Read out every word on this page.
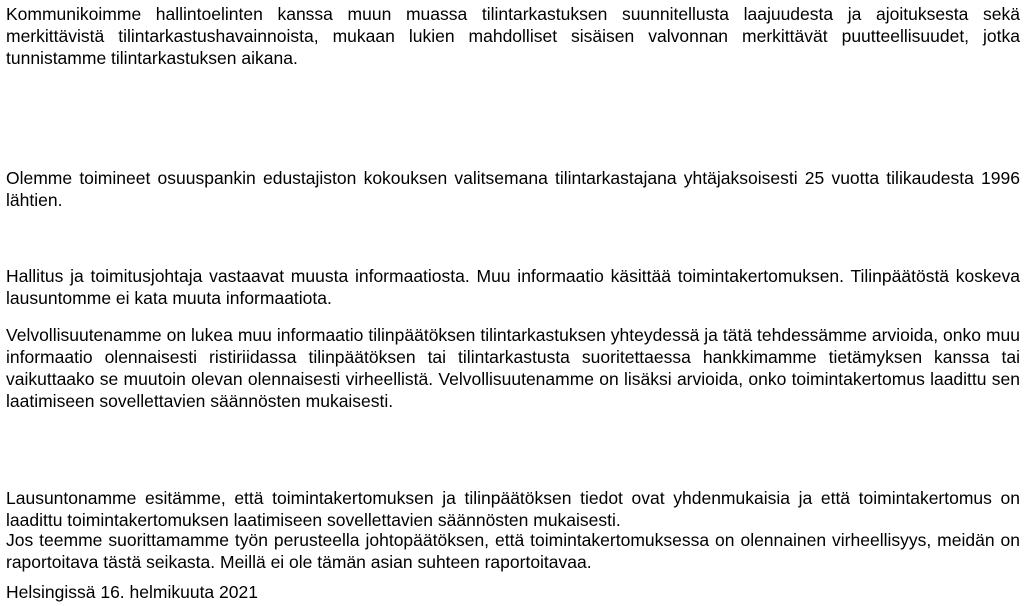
Kommunikoimme hallintoelinten kanssa muun muassa tilintarkastuksen suunnitellusta laajuudesta ja ajoituksesta sekä merkittävistä tilintarkastushavainnoista, mukaan lukien mahdolliset sisäisen valvonnan merkittävät puutteellisuudet, jotka tunnistamme tilintarkastuksen aikana.

Olemme toimineet osuuspankin edustajiston kokouksen valitsemana tilintarkastajana yhtäjaksoisesti 25 vuotta tilikaudesta 1996 lähtien.

Hallitus ja toimitusjohtaja vastaavat muusta informaatiosta. Muu informaatio käsittää toimintakertomuksen. Tilinpäätöstä koskeva lausuntomme ei kata muuta informaatiota.

Velvollisuutenamme on lukea muu informaatio tilinpäätöksen tilintarkastuksen yhteydessä ja tätä tehdessämme arvioida, onko muu informaatio olennaisesti ristiriidassa tilinpäätöksen tai tilintarkastusta suoritettaessa hankkimamme tietämyksen kanssa tai vaikuttaako se muutoin olevan olennaisesti virheellistä. Velvollisuutenamme on lisäksi arvioida, onko toimintakertomus laadittu sen laatimiseen sovellettavien säännösten mukaisesti.

Lausuntonamme esitämme, että toimintakertomuksen ja tilinpäätöksen tiedot ovat yhdenmukaisia ja että toimintakertomus on laadittu toimintakertomuksen laatimiseen sovellettavien säännösten mukaisesti.

Jos teemme suorittamamme työn perusteella johtopäätöksen, että toimintakertomuksessa on olennainen virheellisyys, meidän on raportoitava tästä seikasta. Meillä ei ole tämän asian suhteen raportoitavaa.

Helsingissä 16. helmikuuta 2021
